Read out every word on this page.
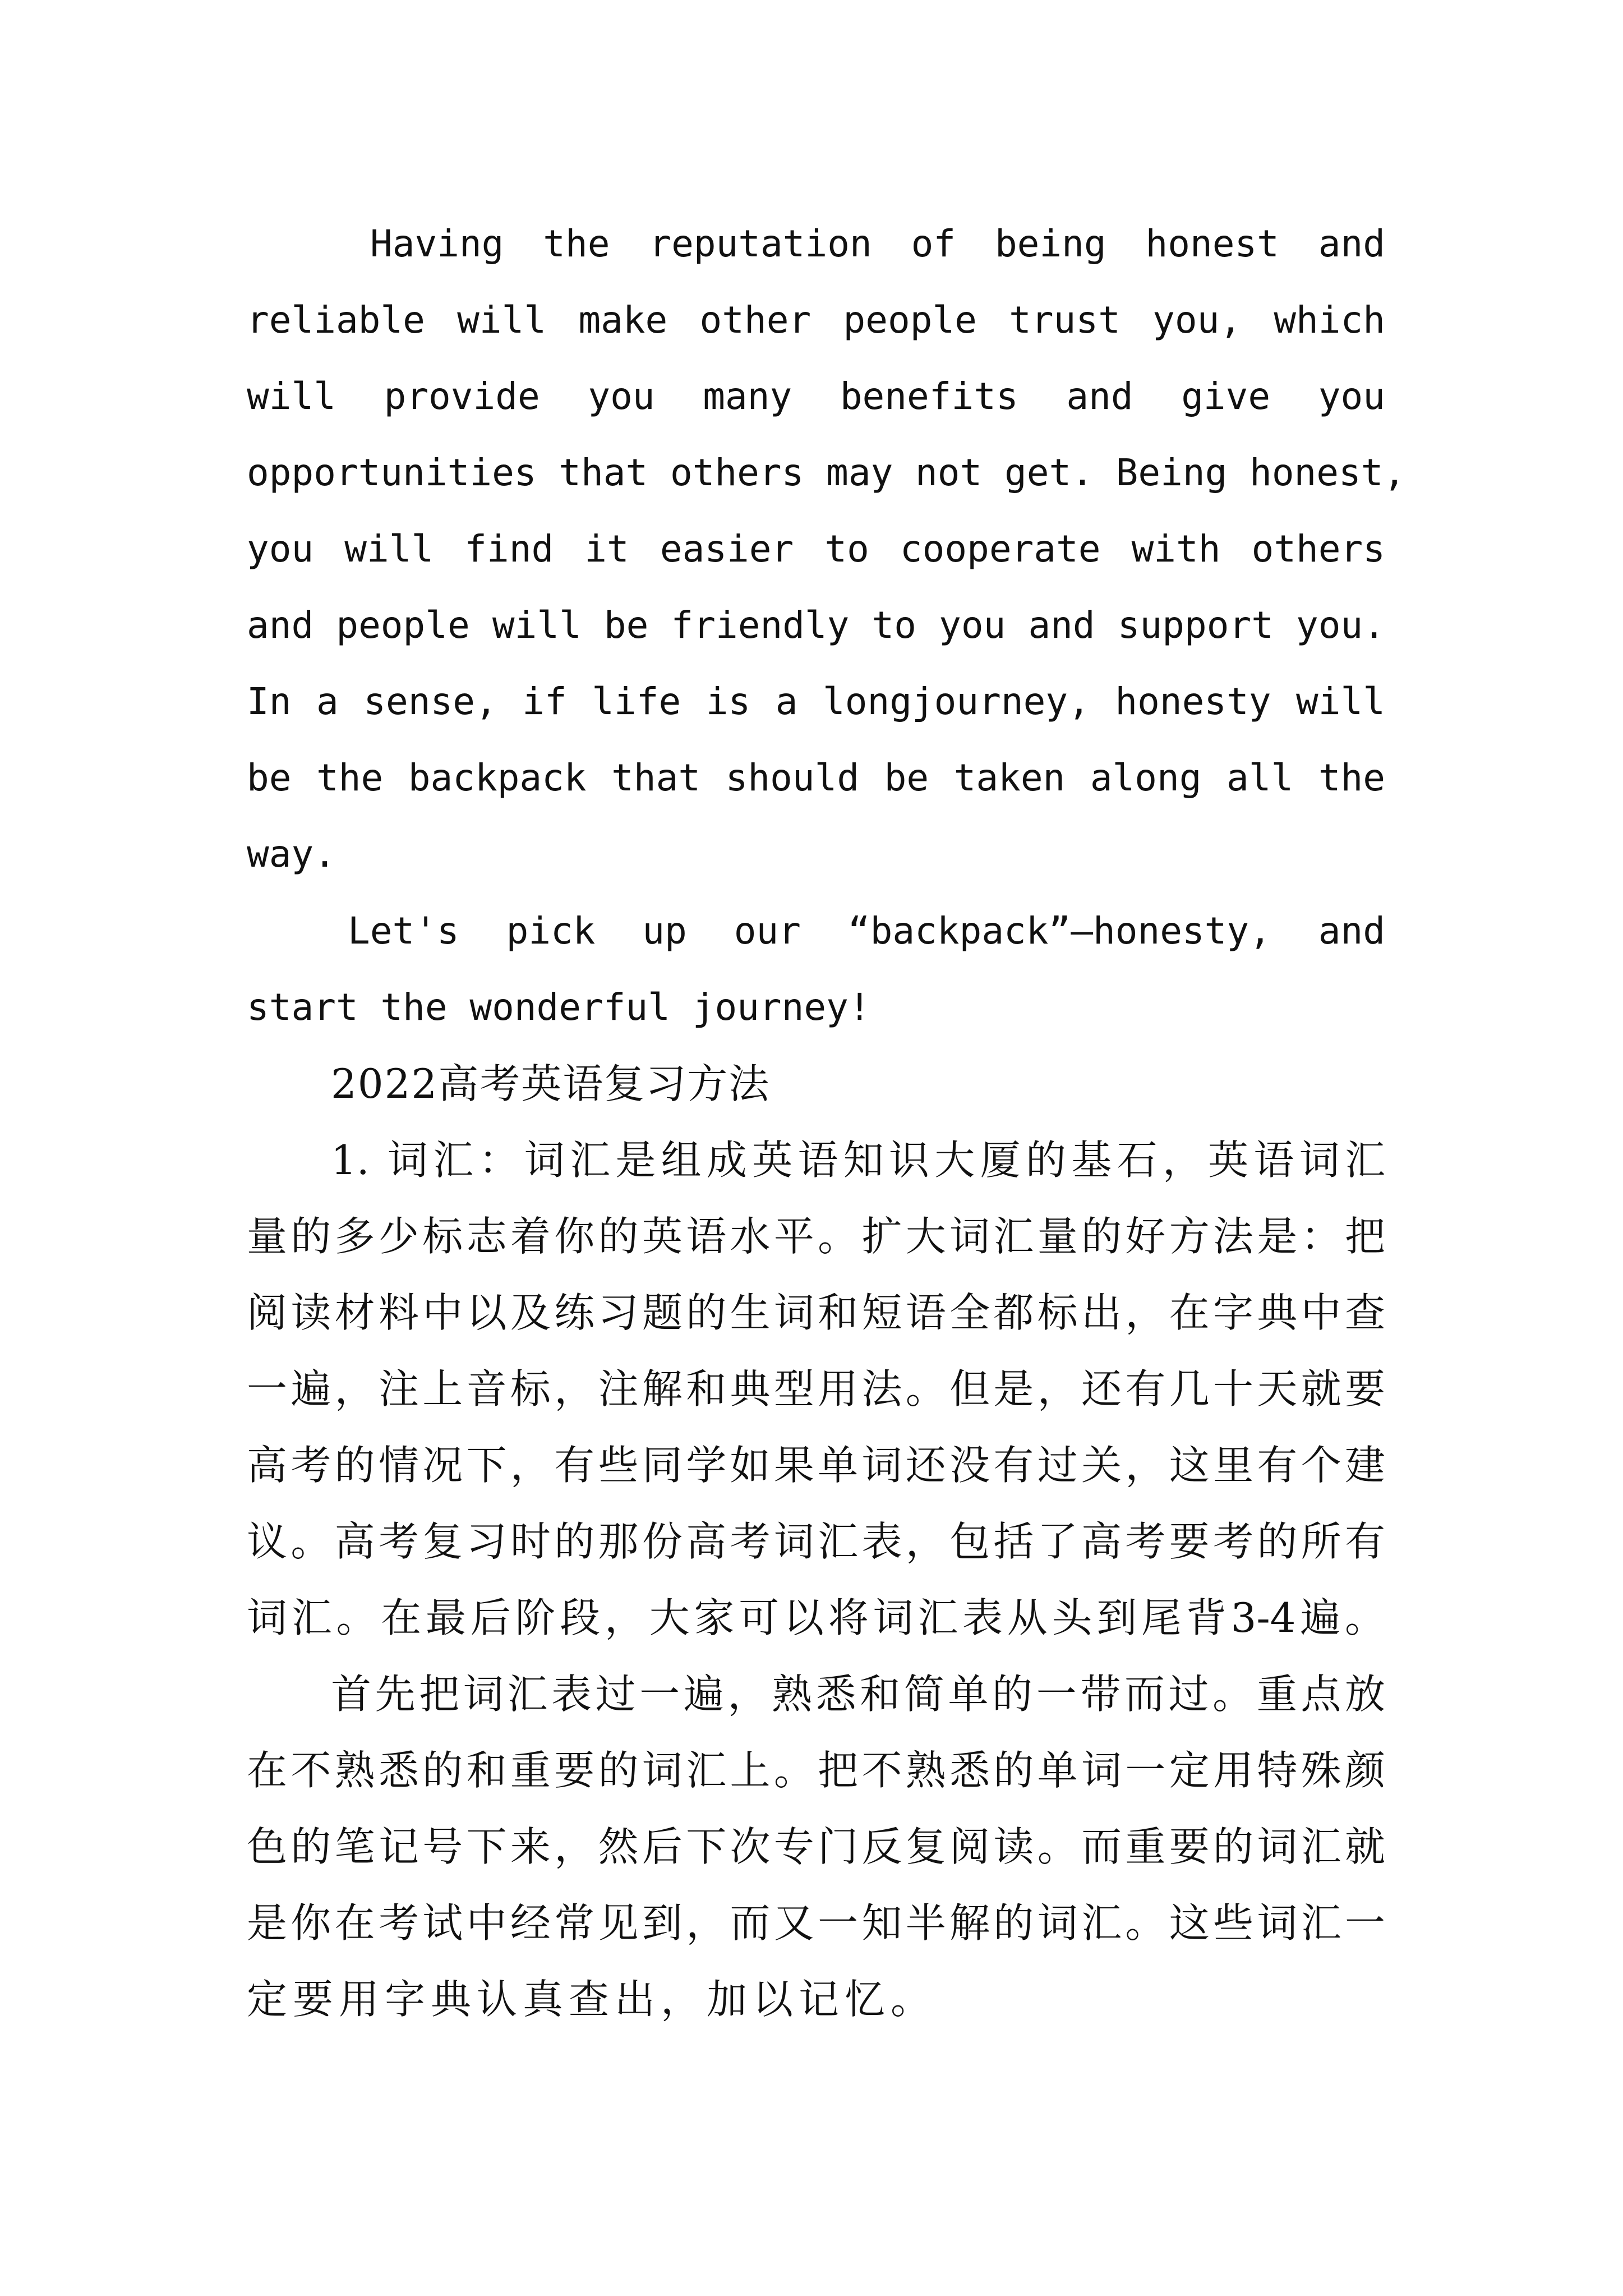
Having the reputation of being honest and
reliable will make other people trust you, which
will provide you many benefits and give you
opportunities that others may not get. Being honest,
you will find it easier to cooperate with others
and people will be friendly to you and support you.
In a sense, if life is a longjourney, honesty will
be the backpack that should be taken along all the
way.
Let's pick up our “backpack”—honesty, and
start the wonderful journey!
2022高考英语复习方法
1. 词汇：词汇是组成英语知识大厦的基石，英语词汇
量的多少标志着你的英语水平。扩大词汇量的好方法是：把
阅读材料中以及练习题的生词和短语全都标出，在字典中查
一遍，注上音标，注解和典型用法。但是，还有几十天就要
高考的情况下，有些同学如果单词还没有过关，这里有个建
议。高考复习时的那份高考词汇表，包括了高考要考的所有
词汇。在最后阶段，大家可以将词汇表从头到尾背3-4遍。
首先把词汇表过一遍，熟悉和简单的一带而过。重点放
在不熟悉的和重要的词汇上。把不熟悉的单词一定用特殊颜
色的笔记号下来，然后下次专门反复阅读。而重要的词汇就
是你在考试中经常见到，而又一知半解的词汇。这些词汇一
定要用字典认真查出，加以记忆。
